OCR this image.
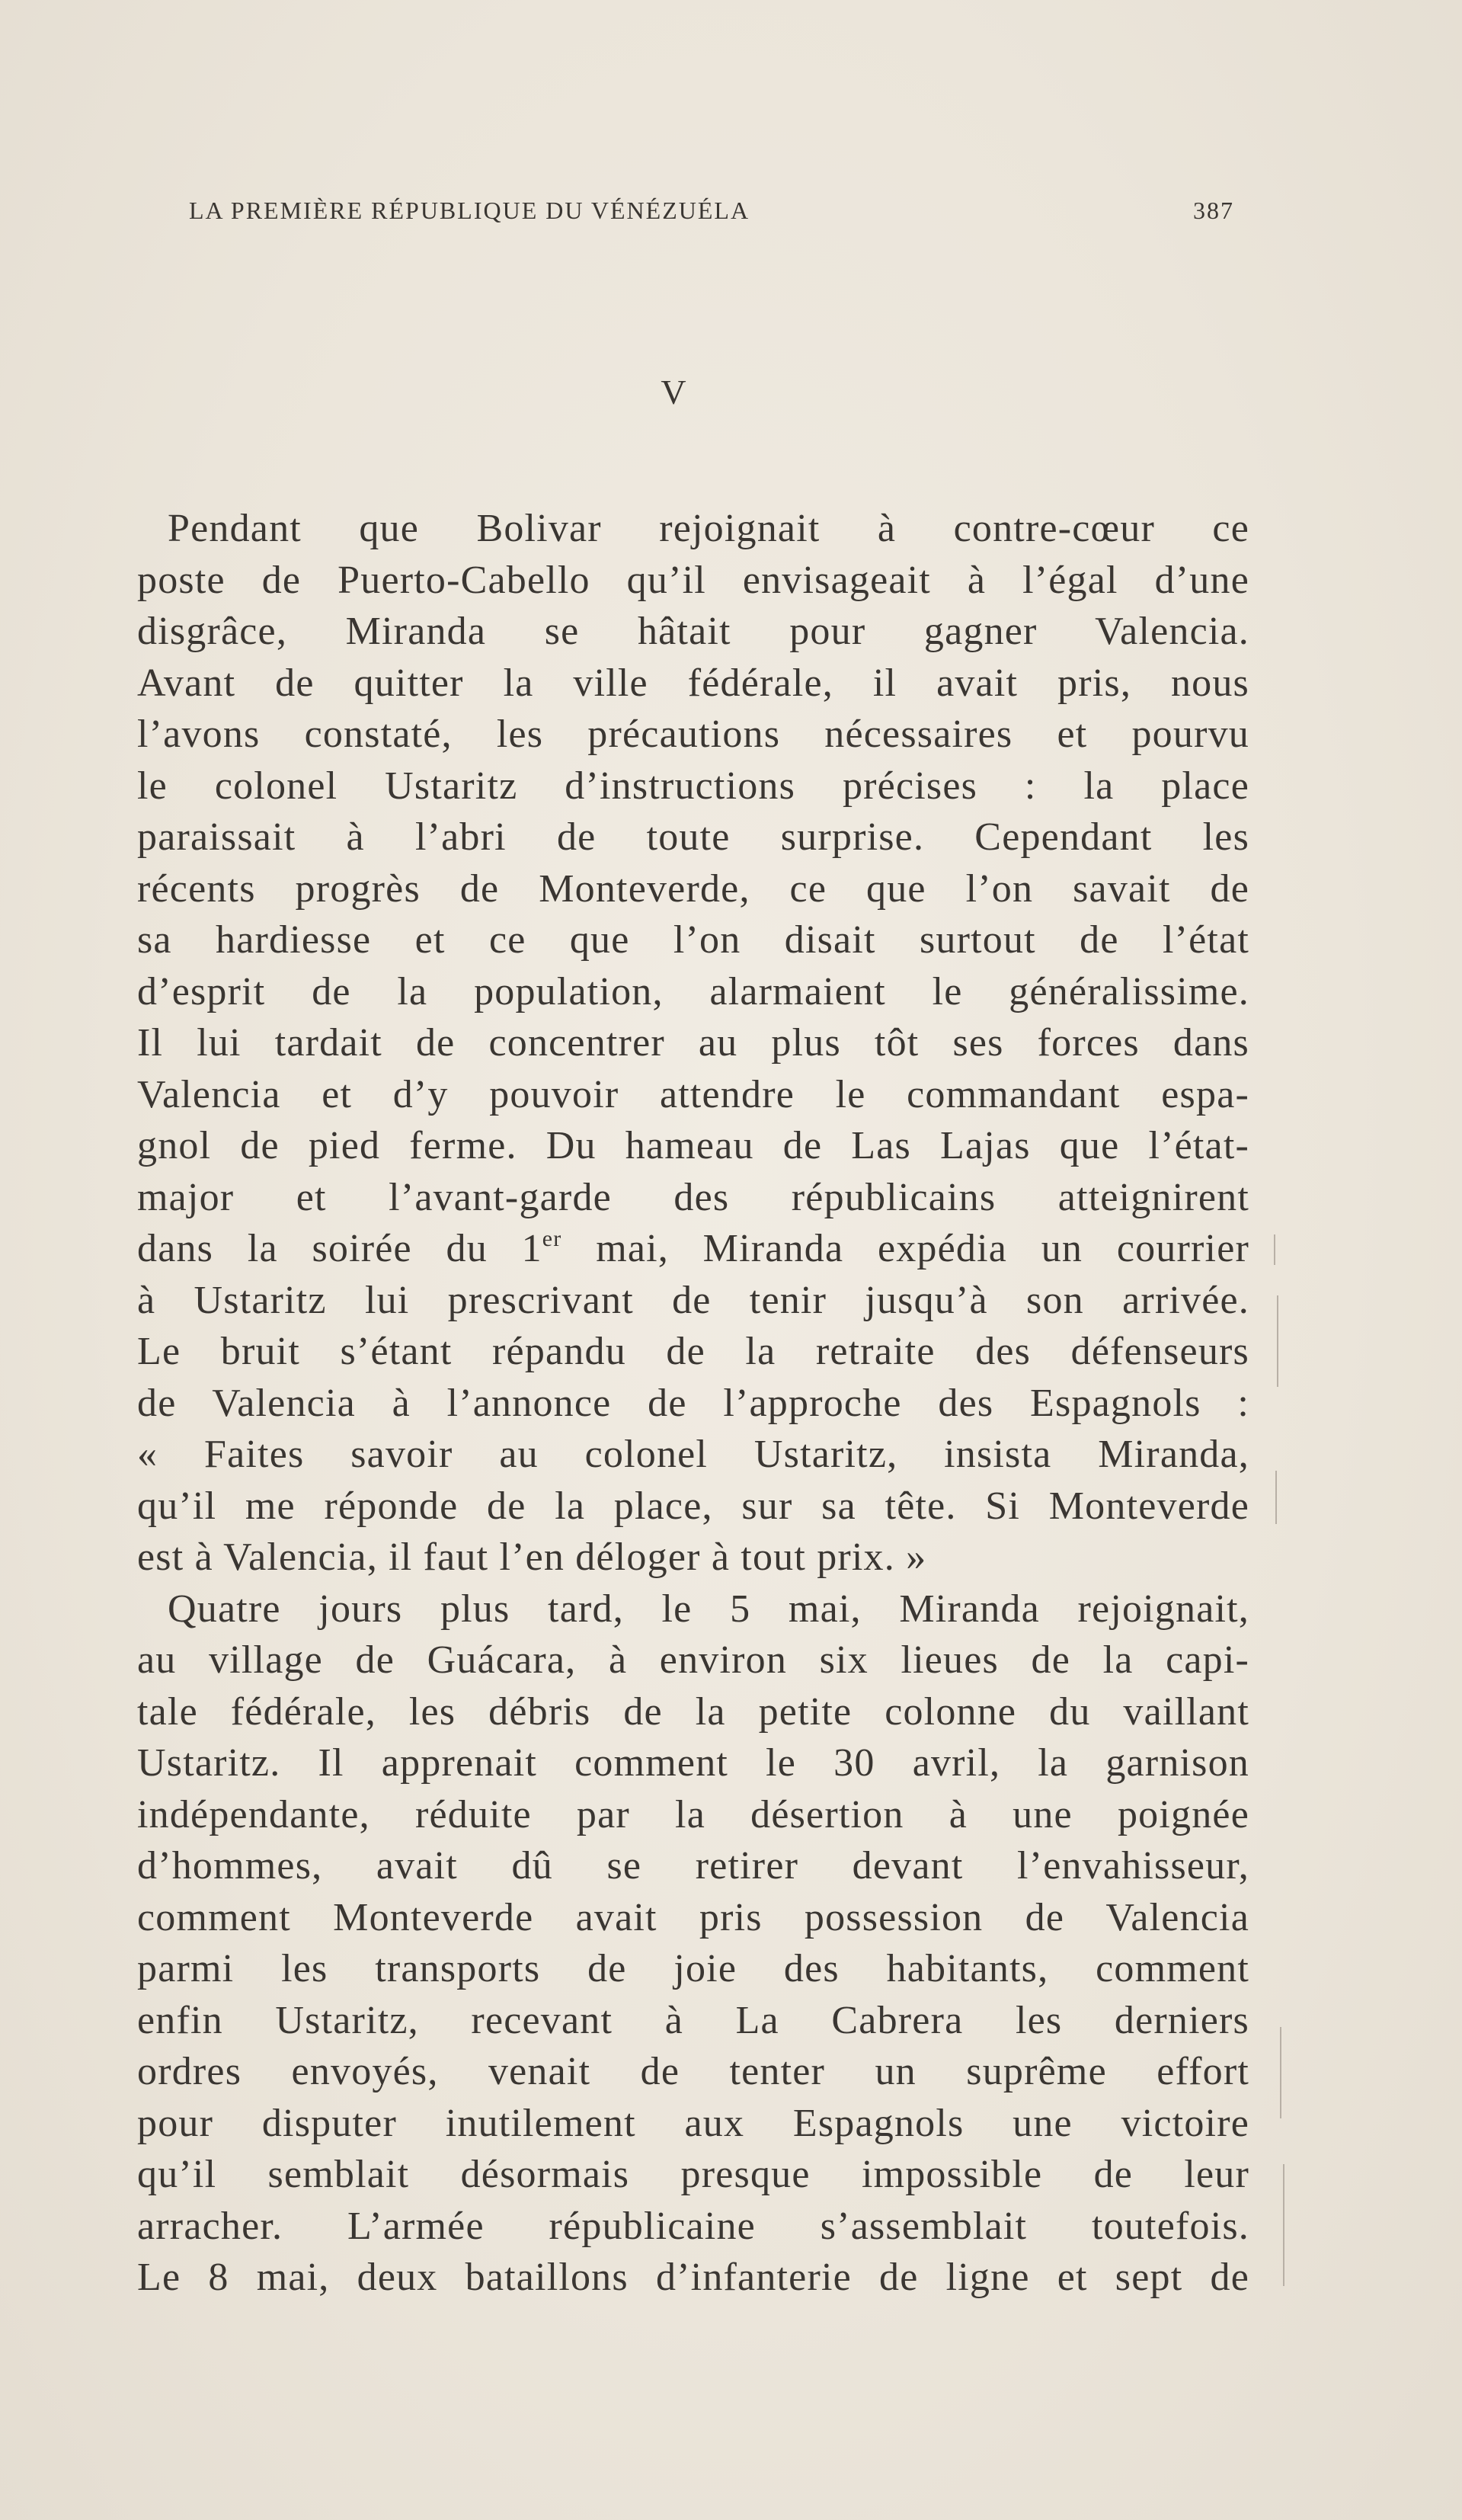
LA PREMIÈRE RÉPUBLIQUE DU VÉNÉZUÉLA	387
V
Pendant que Bolivar rejoignait à contre-cœur ce
poste de Puerto-Cabello qu’il envisageait à l’égal d’une
disgrâce, Miranda se hâtait pour gagner Valencia.
Avant de quitter la ville fédérale, il avait pris, nous
l’avons constaté, les précautions nécessaires et pourvu
le colonel Ustaritz d’instructions précises : la place
paraissait à l’abri de toute surprise. Cependant les
récents progrès de Monteverde, ce que l’on savait de
sa hardiesse et ce que l’on disait surtout de l’état
d’esprit de la population, alarmaient le généralissime.
Il lui tardait de concentrer au plus tôt ses forces dans
Valencia et d’y pouvoir attendre le commandant espa-
gnol de pied ferme. Du hameau de Las Lajas que l’état-
major et l’avant-garde des républicains atteignirent
dans la soirée du 1er mai, Miranda expédia un courrier
à Ustaritz lui prescrivant de tenir jusqu’à son arrivée.
Le bruit s’étant répandu de la retraite des défenseurs
de Valencia à l’annonce de l’approche des Espagnols :
« Faites savoir au colonel Ustaritz, insista Miranda,
qu’il me réponde de la place, sur sa tête. Si Monteverde
est à Valencia, il faut l’en déloger à tout prix. »
Quatre jours plus tard, le 5 mai, Miranda rejoignait,
au village de Guácara, à environ six lieues de la capi-
tale fédérale, les débris de la petite colonne du vaillant
Ustaritz. Il apprenait comment le 30 avril, la garnison
indépendante, réduite par la désertion à une poignée
d’hommes, avait dû se retirer devant l’envahisseur,
comment Monteverde avait pris possession de Valencia
parmi les transports de joie des habitants, comment
enfin Ustaritz, recevant à La Cabrera les derniers
ordres envoyés, venait de tenter un suprême effort
pour disputer inutilement aux Espagnols une victoire
qu’il semblait désormais presque impossible de leur
arracher. L’armée républicaine s’assemblait toutefois.
Le 8 mai, deux bataillons d’infanterie de ligne et sept de
